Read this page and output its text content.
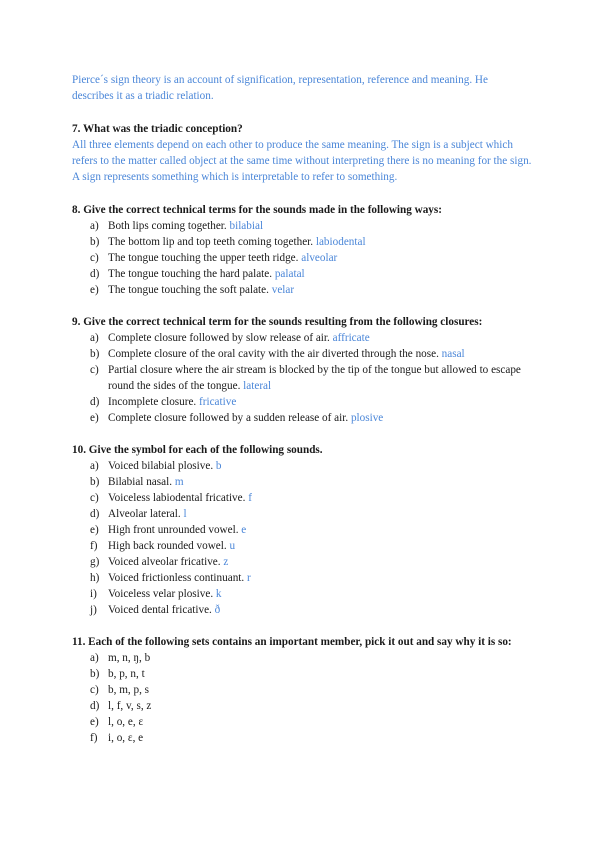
Pierce´s sign theory is an account of signification, representation, reference and meaning. He describes it as a triadic relation.

7. What was the triadic conception?

All three elements depend on each other to produce the same meaning. The sign is a subject which refers to the matter called object at the same time without interpreting there is no meaning for the sign. A sign represents something which is interpretable to refer to something.

8. Give the correct technical terms for the sounds made in the following ways:

a) Both lips coming together. bilabial
b) The bottom lip and top teeth coming together. labiodental
c) The tongue touching the upper teeth ridge. alveolar
d) The tongue touching the hard palate. palatal
e) The tongue touching the soft palate. velar

9. Give the correct technical term for the sounds resulting from the following closures:

a) Complete closure followed by slow release of air. affricate
b) Complete closure of the oral cavity with the air diverted through the nose. nasal
c) Partial closure where the air stream is blocked by the tip of the tongue but allowed to escape round the sides of the tongue. lateral
d) Incomplete closure. fricative
e) Complete closure followed by a sudden release of air. plosive

10. Give the symbol for each of the following sounds.

a) Voiced bilabial plosive. b
b) Bilabial nasal. m
c) Voiceless labiodental fricative. f
d) Alveolar lateral. l
e) High front unrounded vowel. e
f) High back rounded vowel. u
g) Voiced alveolar fricative. z
h) Voiced frictionless continuant. r
i) Voiceless velar plosive. k
j) Voiced dental fricative. ð

11. Each of the following sets contains an important member, pick it out and say why it is so:

a) m, n, ŋ, b
b) b, p, n, t
c) b, m, p, s
d) l, f, v, s, z
e) l, o, e, ɛ
f) i, o, ɛ, e
